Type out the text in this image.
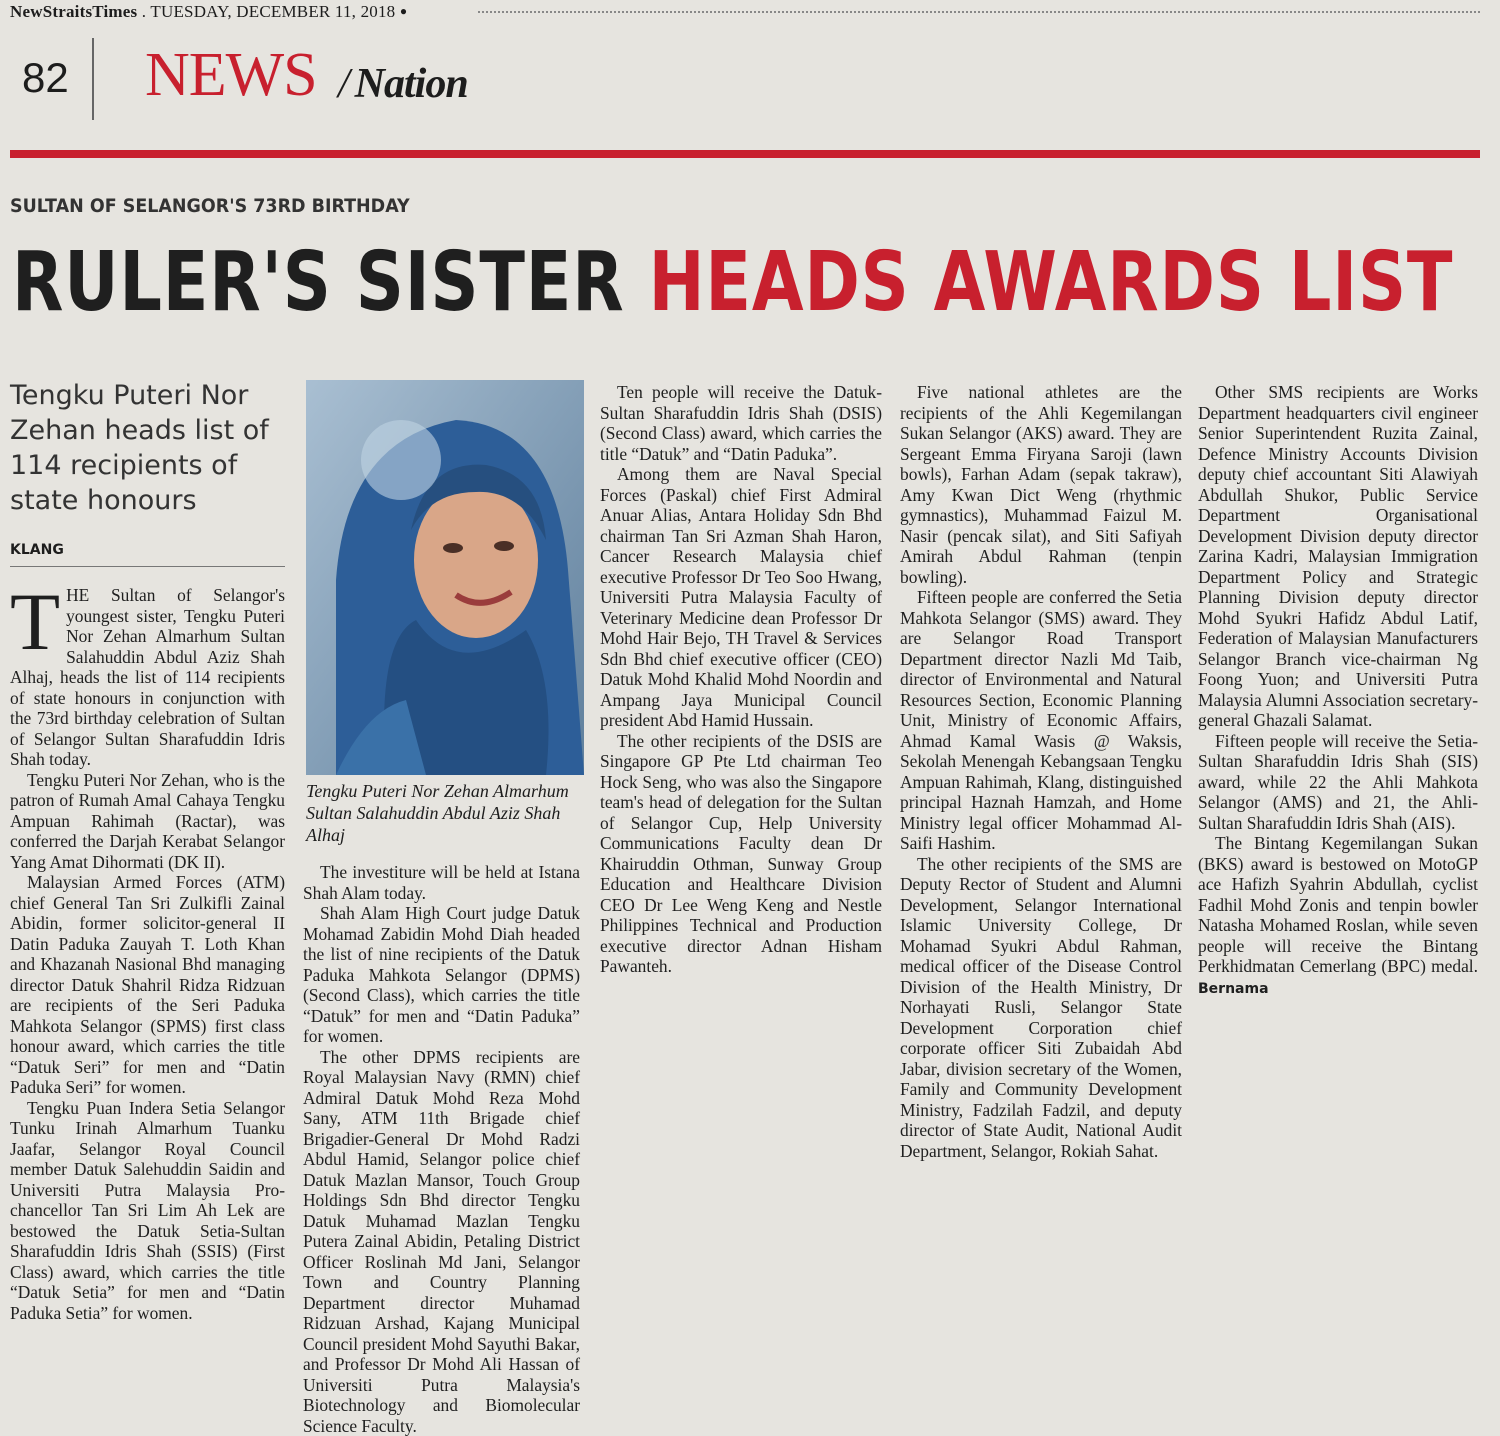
NewStraitsTimes . TUESDAY, DECEMBER 11, 2018 ●
82 NEWS / Nation
SULTAN OF SELANGOR'S 73RD BIRTHDAY
RULER'S SISTER HEADS AWARDS LIST
Tengku Puteri Nor Zehan heads list of 114 recipients of state honours
KLANG

THE Sultan of Selangor's youngest sister, Tengku Puteri Nor Zehan Almarhum Sultan Salahuddin Abdul Aziz Shah Alhaj, heads the list of 114 recipients of state honours in conjunction with the 73rd birthday celebration of Sultan of Selangor Sultan Sharafuddin Idris Shah today.

Tengku Puteri Nor Zehan, who is the patron of Rumah Amal Cahaya Tengku Ampuan Rahimah (Ractar), was conferred the Darjah Kerabat Selangor Yang Amat Dihormati (DK II).

Malaysian Armed Forces (ATM) chief General Tan Sri Zulkifli Zainal Abidin, former solicitor-general II Datin Paduka Zauyah T. Loth Khan and Khazanah Nasional Bhd managing director Datuk Shahril Ridza Ridzuan are recipients of the Seri Paduka Mahkota Selangor (SPMS) first class honour award, which carries the title “Datuk Seri” for men and “Datin Paduka Seri” for women.

Tengku Puan Indera Setia Selangor Tunku Irinah Almarhum Tuanku Jaafar, Selangor Royal Council member Datuk Salehuddin Saidin and Universiti Putra Malaysia Pro-chancellor Tan Sri Lim Ah Lek are bestowed the Datuk Setia-Sultan Sharafuddin Idris Shah (SSIS) (First Class) award, which carries the title “Datuk Setia” for men and “Datin Paduka Setia” for women.

Tengku Puteri Nor Zehan Almarhum Sultan Salahuddin Abdul Aziz Shah Alhaj

The investiture will be held at Istana Shah Alam today.

Shah Alam High Court judge Datuk Mohamad Zabidin Mohd Diah headed the list of nine recipients of the Datuk Paduka Mahkota Selangor (DPMS) (Second Class), which carries the title “Datuk” for men and “Datin Paduka” for women.

The other DPMS recipients are Royal Malaysian Navy (RMN) chief Admiral Datuk Mohd Reza Mohd Sany, ATM 11th Brigade chief Brigadier-General Dr Mohd Radzi Abdul Hamid, Selangor police chief Datuk Mazlan Mansor, Touch Group Holdings Sdn Bhd director Tengku Datuk Muhamad Mazlan Tengku Putera Zainal Abidin, Petaling District Officer Roslinah Md Jani, Selangor Town and Country Planning Department director Muhamad Ridzuan Arshad, Kajang Municipal Council president Mohd Sayuthi Bakar, and Professor Dr Mohd Ali Hassan of Universiti Putra Malaysia's Biotechnology and Biomolecular Science Faculty.

Ten people will receive the Datuk-Sultan Sharafuddin Idris Shah (DSIS) (Second Class) award, which carries the title “Datuk” and “Datin Paduka”.

Among them are Naval Special Forces (Paskal) chief First Admiral Anuar Alias, Antara Holiday Sdn Bhd chairman Tan Sri Azman Shah Haron, Cancer Research Malaysia chief executive Professor Dr Teo Soo Hwang, Universiti Putra Malaysia Faculty of Veterinary Medicine dean Professor Dr Mohd Hair Bejo, TH Travel & Services Sdn Bhd chief executive officer (CEO) Datuk Mohd Khalid Mohd Noordin and Ampang Jaya Municipal Council president Abd Hamid Hussain.

The other recipients of the DSIS are Singapore GP Pte Ltd chairman Teo Hock Seng, who was also the Singapore team's head of delegation for the Sultan of Selangor Cup, Help University Communications Faculty dean Dr Khairuddin Othman, Sunway Group Education and Healthcare Division CEO Dr Lee Weng Keng and Nestle Philippines Technical and Production executive director Adnan Hisham Pawanteh.

Five national athletes are the recipients of the Ahli Kegemilangan Sukan Selangor (AKS) award. They are Sergeant Emma Firyana Saroji (lawn bowls), Farhan Adam (sepak takraw), Amy Kwan Dict Weng (rhythmic gymnastics), Muhammad Faizul M. Nasir (pencak silat), and Siti Safiyah Amirah Abdul Rahman (tenpin bowling).

Fifteen people are conferred the Setia Mahkota Selangor (SMS) award. They are Selangor Road Transport Department director Nazli Md Taib, director of Environmental and Natural Resources Section, Economic Planning Unit, Ministry of Economic Affairs, Ahmad Kamal Wasis @ Waksis, Sekolah Menengah Kebangsaan Tengku Ampuan Rahimah, Klang, distinguished principal Haznah Hamzah, and Home Ministry legal officer Mohammad Al-Saifi Hashim.

The other recipients of the SMS are Deputy Rector of Student and Alumni Development, Selangor International Islamic University College, Dr Mohamad Syukri Abdul Rahman, medical officer of the Disease Control Division of the Health Ministry, Dr Norhayati Rusli, Selangor State Development Corporation chief corporate officer Siti Zubaidah Abd Jabar, division secretary of the Women, Family and Community Development Ministry, Fadzilah Fadzil, and deputy director of State Audit, National Audit Department, Selangor, Rokiah Sahat.

Other SMS recipients are Works Department headquarters civil engineer Senior Superintendent Ruzita Zainal, Defence Ministry Accounts Division deputy chief accountant Siti Alawiyah Abdullah Shukor, Public Service Department Organisational Development Division deputy director Zarina Kadri, Malaysian Immigration Department Policy and Strategic Planning Division deputy director Mohd Syukri Hafidz Abdul Latif, Federation of Malaysian Manufacturers Selangor Branch vice-chairman Ng Foong Yuon; and Universiti Putra Malaysia Alumni Association secretary-general Ghazali Salamat.

Fifteen people will receive the Setia-Sultan Sharafuddin Idris Shah (SIS) award, while 22 the Ahli Mahkota Selangor (AMS) and 21, the Ahli-Sultan Sharafuddin Idris Shah (AIS).

The Bintang Kegemilangan Sukan (BKS) award is bestowed on MotoGP ace Hafizh Syahrin Abdullah, cyclist Fadhil Mohd Zonis and tenpin bowler Natasha Mohamed Roslan, while seven people will receive the Bintang Perkhidmatan Cemerlang (BPC) medal. Bernama
